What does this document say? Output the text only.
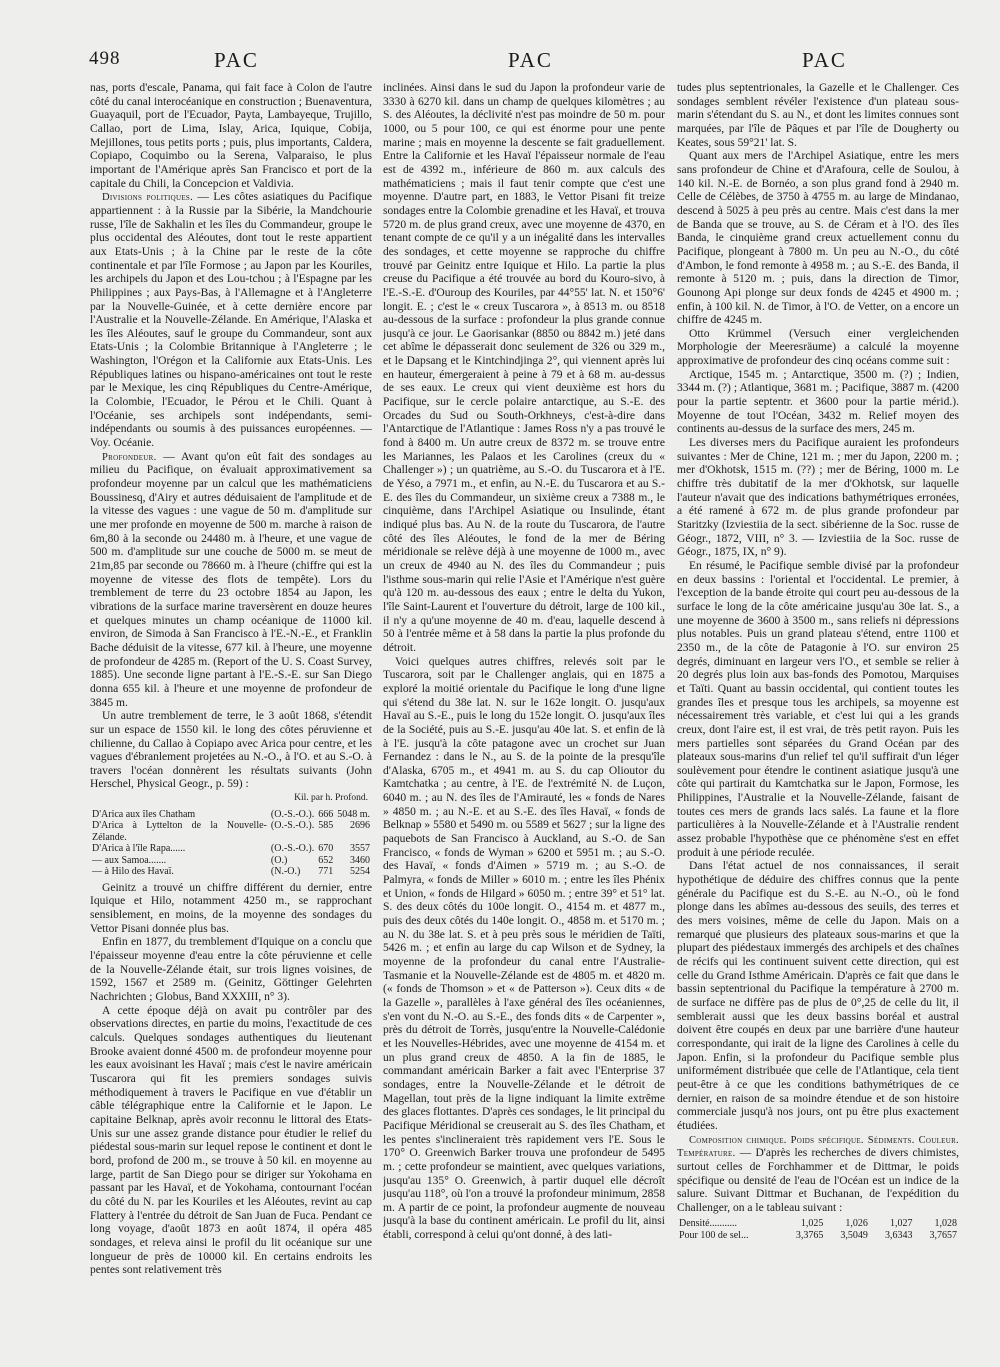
498	PAC	PAC	PAC

nas, ports d'escale, Panama, qui fait face à Colon de l'autre côté du canal interocéanique en construction ; Buenaventura, Guayaquil, port de l'Ecuador, Payta, Lambayeque, Trujillo, Callao, port de Lima, Islay, Arica, Iquique, Cobija, Mejillones, tous petits ports ; puis, plus importants, Caldera, Copiapo, Coquimbo ou la Serena, Valparaiso, le plus important de l'Amérique après San Francisco et port de la capitale du Chili, la Concepcion et Valdivia.

Divisions politiques. — Les côtes asiatiques du Pacifique appartiennent : à la Russie par la Sibérie, la Mandchourie russe, l'île de Sakhalin et les îles du Commandeur, groupe le plus occidental des Aléoutes, dont tout le reste appartient aux Etats-Unis ; à la Chine par le reste de la côte continentale et par l'île Formose ; au Japon par les Kouriles, les archipels du Japon et des Lou-tchou ; à l'Espagne par les Philippines ; aux Pays-Bas, à l'Allemagne et à l'Angleterre par la Nouvelle-Guinée, et à cette dernière encore par l'Australie et la Nouvelle-Zélande. En Amérique, l'Alaska et les îles Aléoutes, sauf le groupe du Commandeur, sont aux Etats-Unis ; la Colombie Britannique à l'Angleterre ; le Washington, l'Orégon et la Californie aux Etats-Unis. Les Républiques latines ou hispano-américaines ont tout le reste par le Mexique, les cinq Républiques du Centre-Amérique, la Colombie, l'Ecuador, le Pérou et le Chili. Quant à l'Océanie, ses archipels sont indépendants, semi-indépendants ou soumis à des puissances européennes. — Voy. Océanie.

Profondeur. — Avant qu'on eût fait des sondages au milieu du Pacifique, on évaluait approximativement sa profondeur moyenne par un calcul que les mathématiciens Boussinesq, d'Airy et autres déduisaient de l'amplitude et de la vitesse des vagues : une vague de 50 m. d'amplitude sur une mer profonde en moyenne de 500 m. marche à raison de 6m,80 à la seconde ou 24480 m. à l'heure, et une vague de 500 m. d'amplitude sur une couche de 5000 m. se meut de 21m,85 par seconde ou 78660 m. à l'heure (chiffre qui est la moyenne de vitesse des flots de tempête). Lors du tremblement de terre du 23 octobre 1854 au Japon, les vibrations de la surface marine traversèrent en douze heures et quelques minutes un champ océanique de 11000 kil. environ, de Simoda à San Francisco à l'E.-N.-E., et Franklin Bache déduisit de la vitesse, 677 kil. à l'heure, une moyenne de profondeur de 4285 m. (Report of the U. S. Coast Survey, 1885). Une seconde ligne partant à l'E.-S.-E. sur San Diego donna 655 kil. à l'heure et une moyenne de profondeur de 3845 m.

Un autre tremblement de terre, le 3 août 1868, s'étendit sur un espace de 1550 kil. le long des côtes péruvienne et chilienne, du Callao à Copiapo avec Arica pour centre, et les vagues d'ébranlement projetées au N.-O., à l'O. et au S.-O. à travers l'océan donnèrent les résultats suivants (John Herschel, Physical Geogr., p. 59) :

Kil. par h. Profond.
D'Arica aux îles Chatham	(O.-S.-O.).	666	5048 m.
D'Arica à Lyttelton de la Nouvelle-Zélande.	(O.-S.-O.).	585	2696
D'Arica à l'île Rapa......	(O.-S.-O.).	670	3557
— aux Samoa.......	(O.)	652	3460
— à Hilo des Havaï.	(N.-O.)	771	5254

Geinitz a trouvé un chiffre différent du dernier, entre Iquique et Hilo, notamment 4250 m., se rapprochant sensiblement, en moins, de la moyenne des sondages du Vettor Pisani donnée plus bas.

Enfin en 1877, du tremblement d'Iquique on a conclu que l'épaisseur moyenne d'eau entre la côte péruvienne et celle de la Nouvelle-Zélande était, sur trois lignes voisines, de 1592, 1567 et 2589 m. (Geinitz, Göttinger Gelehrten Nachrichten ; Globus, Band XXXIII, n° 3).

A cette époque déjà on avait pu contrôler par des observations directes, en partie du moins, l'exactitude de ces calculs. Quelques sondages authentiques du lieutenant Brooke avaient donné 4500 m. de profondeur moyenne pour les eaux avoisinant les Havaï ; mais c'est le navire américain Tuscarora qui fit les premiers sondages suivis méthodiquement à travers le Pacifique en vue d'établir un câble télégraphique entre la Californie et le Japon. Le capitaine Belknap, après avoir reconnu le littoral des Etats-Unis sur une assez grande distance pour étudier le relief du piédestal sous-marin sur lequel repose le continent et dont le bord, profond de 200 m., se trouve à 50 kil. en moyenne au large, partit de San Diego pour se diriger sur Yokohama en passant par les Havaï, et de Yokohama, contournant l'océan du côté du N. par les Kouriles et les Aléoutes, revint au cap Flattery à l'entrée du détroit de San Juan de Fuca. Pendant ce long voyage, d'août 1873 en août 1874, il opéra 485 sondages, et releva ainsi le profil du lit océanique sur une longueur de près de 10000 kil. En certains endroits les pentes sont relativement très

inclinées. Ainsi dans le sud du Japon la profondeur varie de 3330 à 6270 kil. dans un champ de quelques kilomètres ; au S. des Aléoutes, la déclivité n'est pas moindre de 50 m. pour 1000, ou 5 pour 100, ce qui est énorme pour une pente marine ; mais en moyenne la descente se fait graduellement. Entre la Californie et les Havaï l'épaisseur normale de l'eau est de 4392 m., inférieure de 860 m. aux calculs des mathématiciens ; mais il faut tenir compte que c'est une moyenne. D'autre part, en 1883, le Vettor Pisani fit treize sondages entre la Colombie grenadine et les Havaï, et trouva 5720 m. de plus grand creux, avec une moyenne de 4370, en tenant compte de ce qu'il y a un inégalité dans les intervalles des sondages, et cette moyenne se rapproche du chiffre trouvé par Geinitz entre Iquique et Hilo. La partie la plus creuse du Pacifique a été trouvée au bord du Kouro-sivo, à l'E.-S.-E. d'Ouroup des Kouriles, par 44°55' lat. N. et 150°6' longit. E. ; c'est le « creux Tuscarora », à 8513 m. ou 8518 au-dessous de la surface : profondeur la plus grande connue jusqu'à ce jour. Le Gaorisankar (8850 ou 8842 m.) jeté dans cet abîme le dépasserait donc seulement de 326 ou 329 m., et le Dapsang et le Kintchindjinga 2°, qui viennent après lui en hauteur, émergeraient à peine à 79 et à 68 m. au-dessus de ses eaux. Le creux qui vient deuxième est hors du Pacifique, sur le cercle polaire antarctique, au S.-E. des Orcades du Sud ou South-Orkhneys, c'est-à-dire dans l'Antarctique de l'Atlantique : James Ross n'y a pas trouvé le fond à 8400 m. Un autre creux de 8372 m. se trouve entre les Mariannes, les Palaos et les Carolines (creux du « Challenger ») ; un quatrième, au S.-O. du Tuscarora et à l'E. de Yéso, a 7971 m., et enfin, au N.-E. du Tuscarora et au S.-E. des îles du Commandeur, un sixième creux a 7388 m., le cinquième, dans l'Archipel Asiatique ou Insulinde, étant indiqué plus bas. Au N. de la route du Tuscarora, de l'autre côté des îles Aléoutes, le fond de la mer de Béring méridionale se relève déjà à une moyenne de 1000 m., avec un creux de 4940 au N. des îles du Commandeur ; puis l'isthme sous-marin qui relie l'Asie et l'Amérique n'est guère qu'à 120 m. au-dessous des eaux ; entre le delta du Yukon, l'île Saint-Laurent et l'ouverture du détroit, large de 100 kil., il n'y a qu'une moyenne de 40 m. d'eau, laquelle descend à 50 à l'entrée même et à 58 dans la partie la plus profonde du détroit.

Voici quelques autres chiffres, relevés soit par le Tuscarora, soit par le Challenger anglais, qui en 1875 a exploré la moitié orientale du Pacifique le long d'une ligne qui s'étend du 38e lat. N. sur le 162e longit. O. jusqu'aux Havaï au S.-E., puis le long du 152e longit. O. jusqu'aux îles de la Société, puis au S.-E. jusqu'au 40e lat. S. et enfin de là à l'E. jusqu'à la côte patagone avec un crochet sur Juan Fernandez : dans le N., au S. de la pointe de la presqu'île d'Alaska, 6705 m., et 4941 m. au S. du cap Olioutor du Kamtchatka ; au centre, à l'E. de l'extrémité N. de Luçon, 6040 m. ; au N. des îles de l'Amirauté, les « fonds de Nares » 4850 m. ; au N.-E. et au S.-E. des îles Havaï, « fonds de Belknap » 5580 et 5490 m. ou 5589 et 5627 ; sur la ligne des paquebots de San Francisco à Auckland, au S.-O. de San Francisco, « fonds de Wyman » 6200 et 5951 m. ; au S.-O. des Havaï, « fonds d'Aimen » 5719 m. ; au S.-O. de Palmyra, « fonds de Miller » 6010 m. ; entre les îles Phénix et Union, « fonds de Hilgard » 6050 m. ; entre 39° et 51° lat. S. des deux côtés du 100e longit. O., 4154 m. et 4877 m., puis des deux côtés du 140e longit. O., 4858 m. et 5170 m. ; au N. du 38e lat. S. et à peu près sous le méridien de Taïti, 5426 m. ; et enfin au large du cap Wilson et de Sydney, la moyenne de la profondeur du canal entre l'Australie-Tasmanie et la Nouvelle-Zélande est de 4805 m. et 4820 m. (« fonds de Thomson » et « de Patterson »). Ceux dits « de la Gazelle », parallèles à l'axe général des îles océaniennes, s'en vont du N.-O. au S.-E., des fonds dits « de Carpenter », près du détroit de Torrès, jusqu'entre la Nouvelle-Calédonie et les Nouvelles-Hébrides, avec une moyenne de 4154 m. et un plus grand creux de 4850. A la fin de 1885, le commandant américain Barker a fait avec l'Enterprise 37 sondages, entre la Nouvelle-Zélande et le détroit de Magellan, tout près de la ligne indiquant la limite extrême des glaces flottantes. D'après ces sondages, le lit principal du Pacifique Méridional se creuserait au S. des îles Chatham, et les pentes s'inclineraient très rapidement vers l'E. Sous le 170° O. Greenwich Barker trouva une profondeur de 5495 m. ; cette profondeur se maintient, avec quelques variations, jusqu'au 135° O. Greenwich, à partir duquel elle décroît jusqu'au 118°, où l'on a trouvé la profondeur minimum, 2858 m. A partir de ce point, la profondeur augmente de nouveau jusqu'à la base du continent américain. Le profil du lit, ainsi établi, correspond à celui qu'ont donné, à des lati-

tudes plus septentrionales, la Gazelle et le Challenger. Ces sondages semblent révéler l'existence d'un plateau sous-marin s'étendant du S. au N., et dont les limites connues sont marquées, par l'île de Pâques et par l'île de Dougherty ou Keates, sous 59°21' lat. S.

Quant aux mers de l'Archipel Asiatique, entre les mers sans profondeur de Chine et d'Arafoura, celle de Soulou, à 140 kil. N.-E. de Bornéo, a son plus grand fond à 2940 m. Celle de Célèbes, de 3750 à 4755 m. au large de Mindanao, descend à 5025 à peu près au centre. Mais c'est dans la mer de Banda que se trouve, au S. de Céram et à l'O. des îles Banda, le cinquième grand creux actuellement connu du Pacifique, plongeant à 7800 m. Un peu au N.-O., du côté d'Ambon, le fond remonte à 4958 m. ; au S.-E. des Banda, il remonte à 5120 m. ; puis, dans la direction de Timor, Gounong Api plonge sur deux fonds de 4245 et 4900 m. ; enfin, à 100 kil. N. de Timor, à l'O. de Vetter, on a encore un chiffre de 4245 m.

Otto Krümmel (Versuch einer vergleichenden Morphologie der Meeresräume) a calculé la moyenne approximative de profondeur des cinq océans comme suit :

Arctique, 1545 m. ; Antarctique, 3500 m. (?) ; Indien, 3344 m. (?) ; Atlantique, 3681 m. ; Pacifique, 3887 m. (4200 pour la partie septentr. et 3600 pour la partie mérid.). Moyenne de tout l'Océan, 3432 m. Relief moyen des continents au-dessus de la surface des mers, 245 m.

Les diverses mers du Pacifique auraient les profondeurs suivantes : Mer de Chine, 121 m. ; mer du Japon, 2200 m. ; mer d'Okhotsk, 1515 m. (??) ; mer de Béring, 1000 m. Le chiffre très dubitatif de la mer d'Okhotsk, sur laquelle l'auteur n'avait que des indications bathymétriques erronées, a été ramené à 672 m. de plus grande profondeur par Staritzky (Izviestiia de la sect. sibérienne de la Soc. russe de Géogr., 1872, VIII, n° 3. — Izviestiia de la Soc. russe de Géogr., 1875, IX, n° 9).

En résumé, le Pacifique semble divisé par la profondeur en deux bassins : l'oriental et l'occidental. Le premier, à l'exception de la bande étroite qui court peu au-dessous de la surface le long de la côte américaine jusqu'au 30e lat. S., a une moyenne de 3600 à 3500 m., sans reliefs ni dépressions plus notables. Puis un grand plateau s'étend, entre 1100 et 2350 m., de la côte de Patagonie à l'O. sur environ 25 degrés, diminuant en largeur vers l'O., et semble se relier à 20 degrés plus loin aux bas-fonds des Pomotou, Marquises et Taïti. Quant au bassin occidental, qui contient toutes les grandes îles et presque tous les archipels, sa moyenne est nécessairement très variable, et c'est lui qui a les grands creux, dont l'aire est, il est vrai, de très petit rayon. Puis les mers partielles sont séparées du Grand Océan par des plateaux sous-marins d'un relief tel qu'il suffirait d'un léger soulèvement pour étendre le continent asiatique jusqu'à une côte qui partirait du Kamtchatka sur le Japon, Formose, les Philippines, l'Australie et la Nouvelle-Zélande, faisant de toutes ces mers de grands lacs salés. La faune et la flore particulières à la Nouvelle-Zélande et à l'Australie rendent assez probable l'hypothèse que ce phénomène s'est en effet produit à une période reculée.

Dans l'état actuel de nos connaissances, il serait hypothétique de déduire des chiffres connus que la pente générale du Pacifique est du S.-E. au N.-O., où le fond plonge dans les abîmes au-dessous des seuils, des terres et des mers voisines, même de celle du Japon. Mais on a remarqué que plusieurs des plateaux sous-marins et que la plupart des piédestaux immergés des archipels et des chaînes de récifs qui les continuent suivent cette direction, qui est celle du Grand Isthme Américain. D'après ce fait que dans le bassin septentrional du Pacifique la température à 2700 m. de surface ne diffère pas de plus de 0°,25 de celle du lit, il semblerait aussi que les deux bassins boréal et austral doivent être coupés en deux par une barrière d'une hauteur correspondante, qui irait de la ligne des Carolines à celle du Japon. Enfin, si la profondeur du Pacifique semble plus uniformément distribuée que celle de l'Atlantique, cela tient peut-être à ce que les conditions bathymétriques de ce dernier, en raison de sa moindre étendue et de son histoire commerciale jusqu'à nos jours, ont pu être plus exactement étudiées.

Composition chimique. Poids spécifique. Sédiments. Couleur. Température. — D'après les recherches de divers chimistes, surtout celles de Forchhammer et de Dittmar, le poids spécifique ou densité de l'eau de l'Océan est un indice de la salure. Suivant Dittmar et Buchanan, de l'expédition du Challenger, on a le tableau suivant :

Densité...........	1,025	1,026	1,027	1,028
Pour 100 de sel...	3,3765	3,5049	3,6343	3,7657
